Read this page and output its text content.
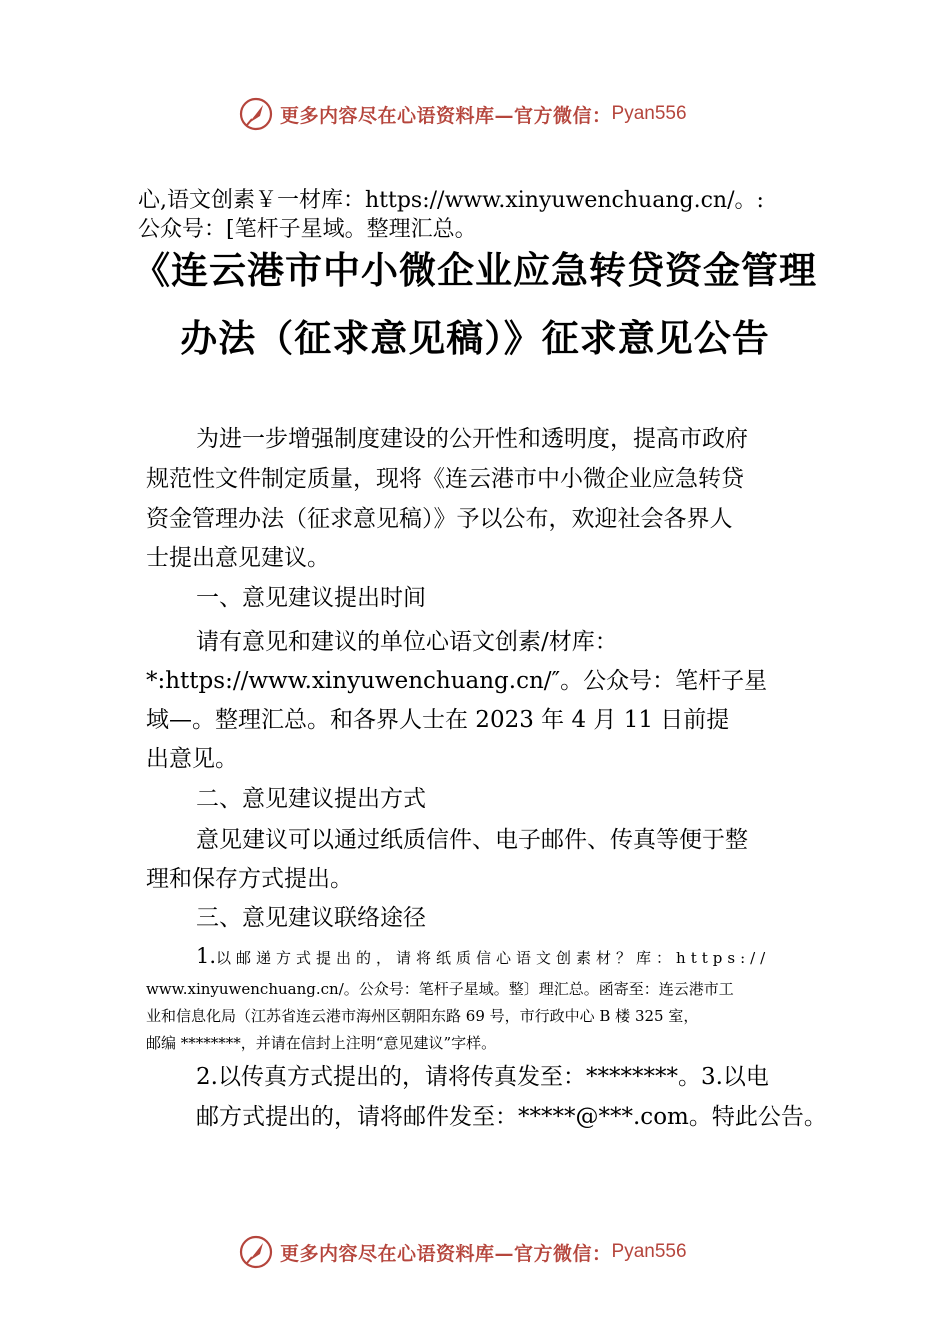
更多内容尽在心语资料库—官方微信： Pyan556
心,语文创素￥一材库：https://www.xinyuwenchuang.cn/。:
公众号：[笔杆子星域。整理汇总。
《连云港市中小微企业应急转贷资金管理
办法（征求意见稿）》征求意见公告
为进一步增强制度建设的公开性和透明度，提高市政府
规范性文件制定质量，现将《连云港市中小微企业应急转贷
资金管理办法（征求意见稿）》予以公布，欢迎社会各界人
士提出意见建议。
一、意见建议提出时间
请有意见和建议的单位心语文创素/材库：
*:https://www.xinyuwenchuang.cn/″。公众号：笔杆子星
域—。整理汇总。和各界人士在 2023 年 4 月 11 日前提
出意见。
二、意见建议提出方式
意见建议可以通过纸质信件、电子邮件、传真等便于整
理和保存方式提出。
三、意见建议联络途径
1.以邮递方式提出的，请将纸质信心语文创素材？库：https://
www.xinyuwenchuang.cn/。公众号：笔杆子星域。整〕理汇总。函寄至：连云港市工
业和信息化局（江苏省连云港市海州区朝阳东路 69 号，市行政中心 B 楼 325 室，
邮编 ********，并请在信封上注明“意见建议”字样。
2.以传真方式提出的，请将传真发至：********。3.以电
邮方式提出的，请将邮件发至：*****@***.com。特此公告。
更多内容尽在心语资料库—官方微信： Pyan556
